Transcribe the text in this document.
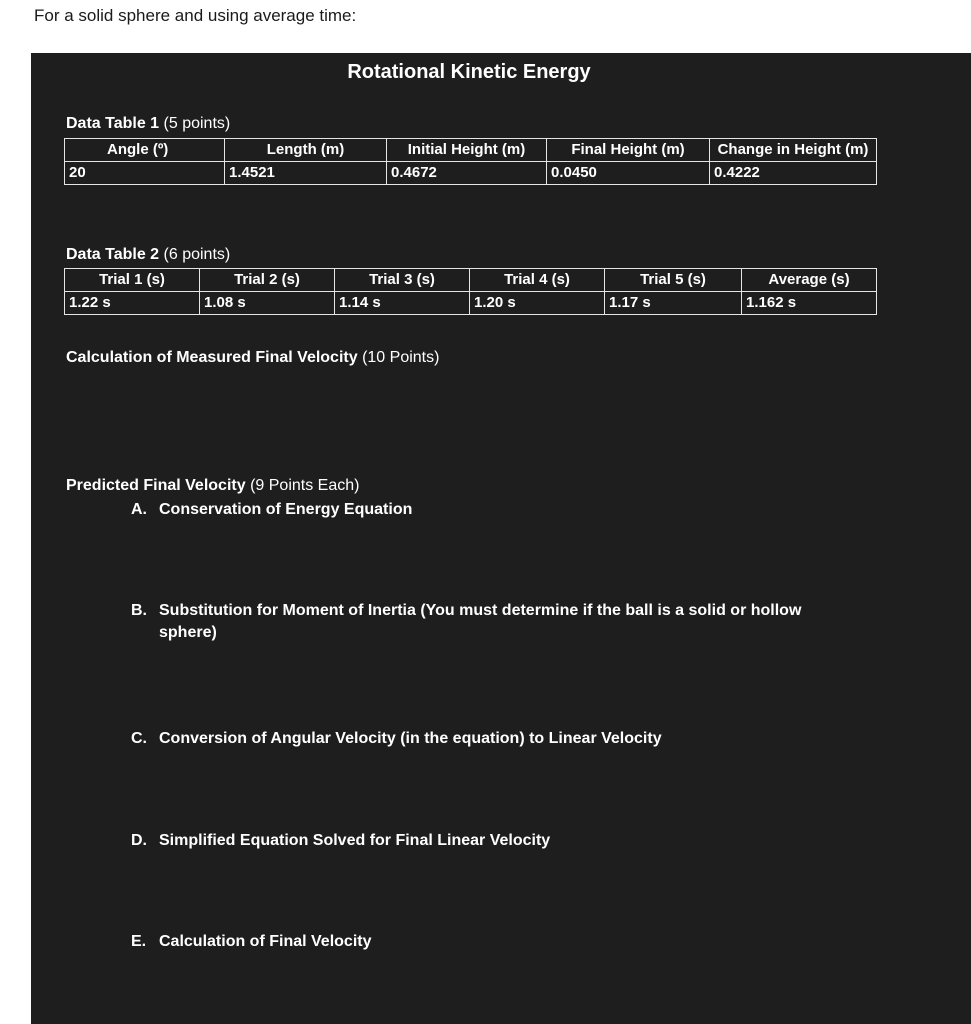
For a solid sphere and using average time:
Rotational Kinetic Energy
Data Table 1 (5 points)
Angle (º)	Length (m)	Initial Height (m)	Final Height (m)	Change in Height (m)
20	1.4521	0.4672	0.0450	0.4222
Data Table 2 (6 points)
Trial 1 (s)	Trial 2 (s)	Trial 3 (s)	Trial 4 (s)	Trial 5 (s)	Average (s)
1.22 s	1.08 s	1.14 s	1.20 s	1.17 s	1.162 s
Calculation of Measured Final Velocity (10 Points)
Predicted Final Velocity (9 Points Each)
A. Conservation of Energy Equation
B. Substitution for Moment of Inertia (You must determine if the ball is a solid or hollow sphere)
C. Conversion of Angular Velocity (in the equation) to Linear Velocity
D. Simplified Equation Solved for Final Linear Velocity
E. Calculation of Final Velocity
